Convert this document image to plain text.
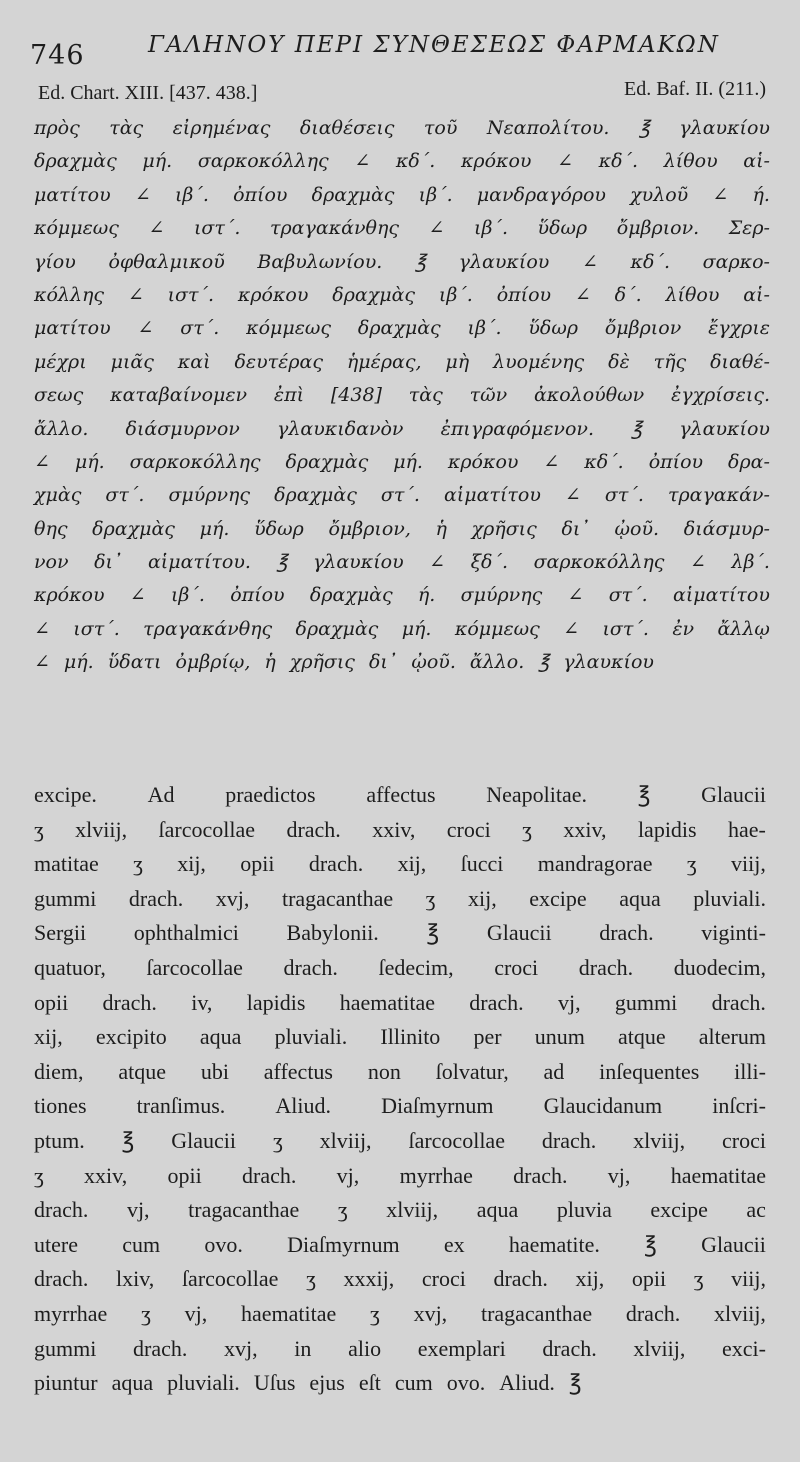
746	ΓΑΛΗΝΟΥ ΠΕΡΙ ΣΥΝΘΕΣΕΩΣ ΦΑΡΜΑΚΩΝ
Ed. Chart. XIII. [437. 438.]	Ed. Baf. II. (211.)
πρὸς τὰς εἰρημένας διαθέσεις τοῦ Νεαπολίτου. ℥ γλαυκίου
δραχμὰς μή. σαρκοκόλλης ∠ κδ΄. κρόκου ∠ κδ΄. λίθου αἱ-
ματίτου ∠ ιβ΄. ὀπίου δραχμὰς ιβ΄. μανδραγόρου χυλοῦ ∠ ή.
κόμμεως ∠ ιστ΄. τραγακάνθης ∠ ιβ΄. ὕδωρ ὄμβριον. Σερ-
γίου ὀφθαλμικοῦ Βαβυλωνίου. ℥ γλαυκίου ∠ κδ΄. σαρκο-
κόλλης ∠ ιστ΄. κρόκου δραχμὰς ιβ΄. ὀπίου ∠ δ΄. λίθου αἱ-
ματίτου ∠ στ΄. κόμμεως δραχμὰς ιβ΄. ὕδωρ ὄμβριον ἔγχριε
μέχρι μιᾶς καὶ δευτέρας ἡμέρας, μὴ λυομένης δὲ τῆς διαθέ-
σεως καταβαίνομεν ἐπὶ [438] τὰς τῶν ἀκολούθων ἐγχρίσεις.
ἄλλο. διάσμυρνον γλαυκιδανὸν ἐπιγραφόμενον. ℥ γλαυκίου
∠ μή. σαρκοκόλλης δραχμὰς μή. κρόκου ∠ κδ΄. ὀπίου δρα-
χμὰς στ΄. σμύρνης δραχμὰς στ΄. αἱματίτου ∠ στ΄. τραγακάν-
θης δραχμὰς μή. ὕδωρ ὄμβριον, ἡ χρῆσις δι᾽ ᾠοῦ. διάσμυρ-
νον δι᾽ αἱματίτου. ℥ γλαυκίου ∠ ξδ΄. σαρκοκόλλης ∠ λβ΄.
κρόκου ∠ ιβ΄. ὀπίου δραχμὰς ή. σμύρνης ∠ στ΄. αἱματίτου
∠ ιστ΄. τραγακάνθης δραχμὰς μή. κόμμεως ∠ ιστ΄. ἐν ἄλλῳ
∠ μή. ὕδατι ὀμβρίῳ, ἡ χρῆσις δι᾽ ᾠοῦ. ἄλλο. ℥ γλαυκίου
excipe. Ad praedictos affectus Neapolitae. ℥ Glaucii
ʒ xlviij, ſarcocollae drach. xxiv, croci ʒ xxiv, lapidis hae-
matitae ʒ xij, opii drach. xij, ſucci mandragorae ʒ viij,
gummi drach. xvj, tragacanthae ʒ xij, excipe aqua pluviali.
Sergii ophthalmici Babylonii. ℥ Glaucii drach. viginti-
quatuor, ſarcocollae drach. ſedecim, croci drach. duodecim,
opii drach. iv, lapidis haematitae drach. vj, gummi drach.
xij, excipito aqua pluviali. Illinito per unum atque alterum
diem, atque ubi affectus non ſolvatur, ad inſequentes illi-
tiones tranſimus. Aliud. Diaſmyrnum Glaucidanum inſcri-
ptum. ℥ Glaucii ʒ xlviij, ſarcocollae drach. xlviij, croci
ʒ xxiv, opii drach. vj, myrrhae drach. vj, haematitae
drach. vj, tragacanthae ʒ xlviij, aqua pluvia excipe ac
utere cum ovo. Diaſmyrnum ex haematite. ℥ Glaucii
drach. lxiv, ſarcocollae ʒ xxxij, croci drach. xij, opii ʒ viij,
myrrhae ʒ vj, haematitae ʒ xvj, tragacanthae drach. xlviij,
gummi drach. xvj, in alio exemplari drach. xlviij, exci-
piuntur aqua pluviali. Uſus ejus eſt cum ovo. Aliud. ℥
